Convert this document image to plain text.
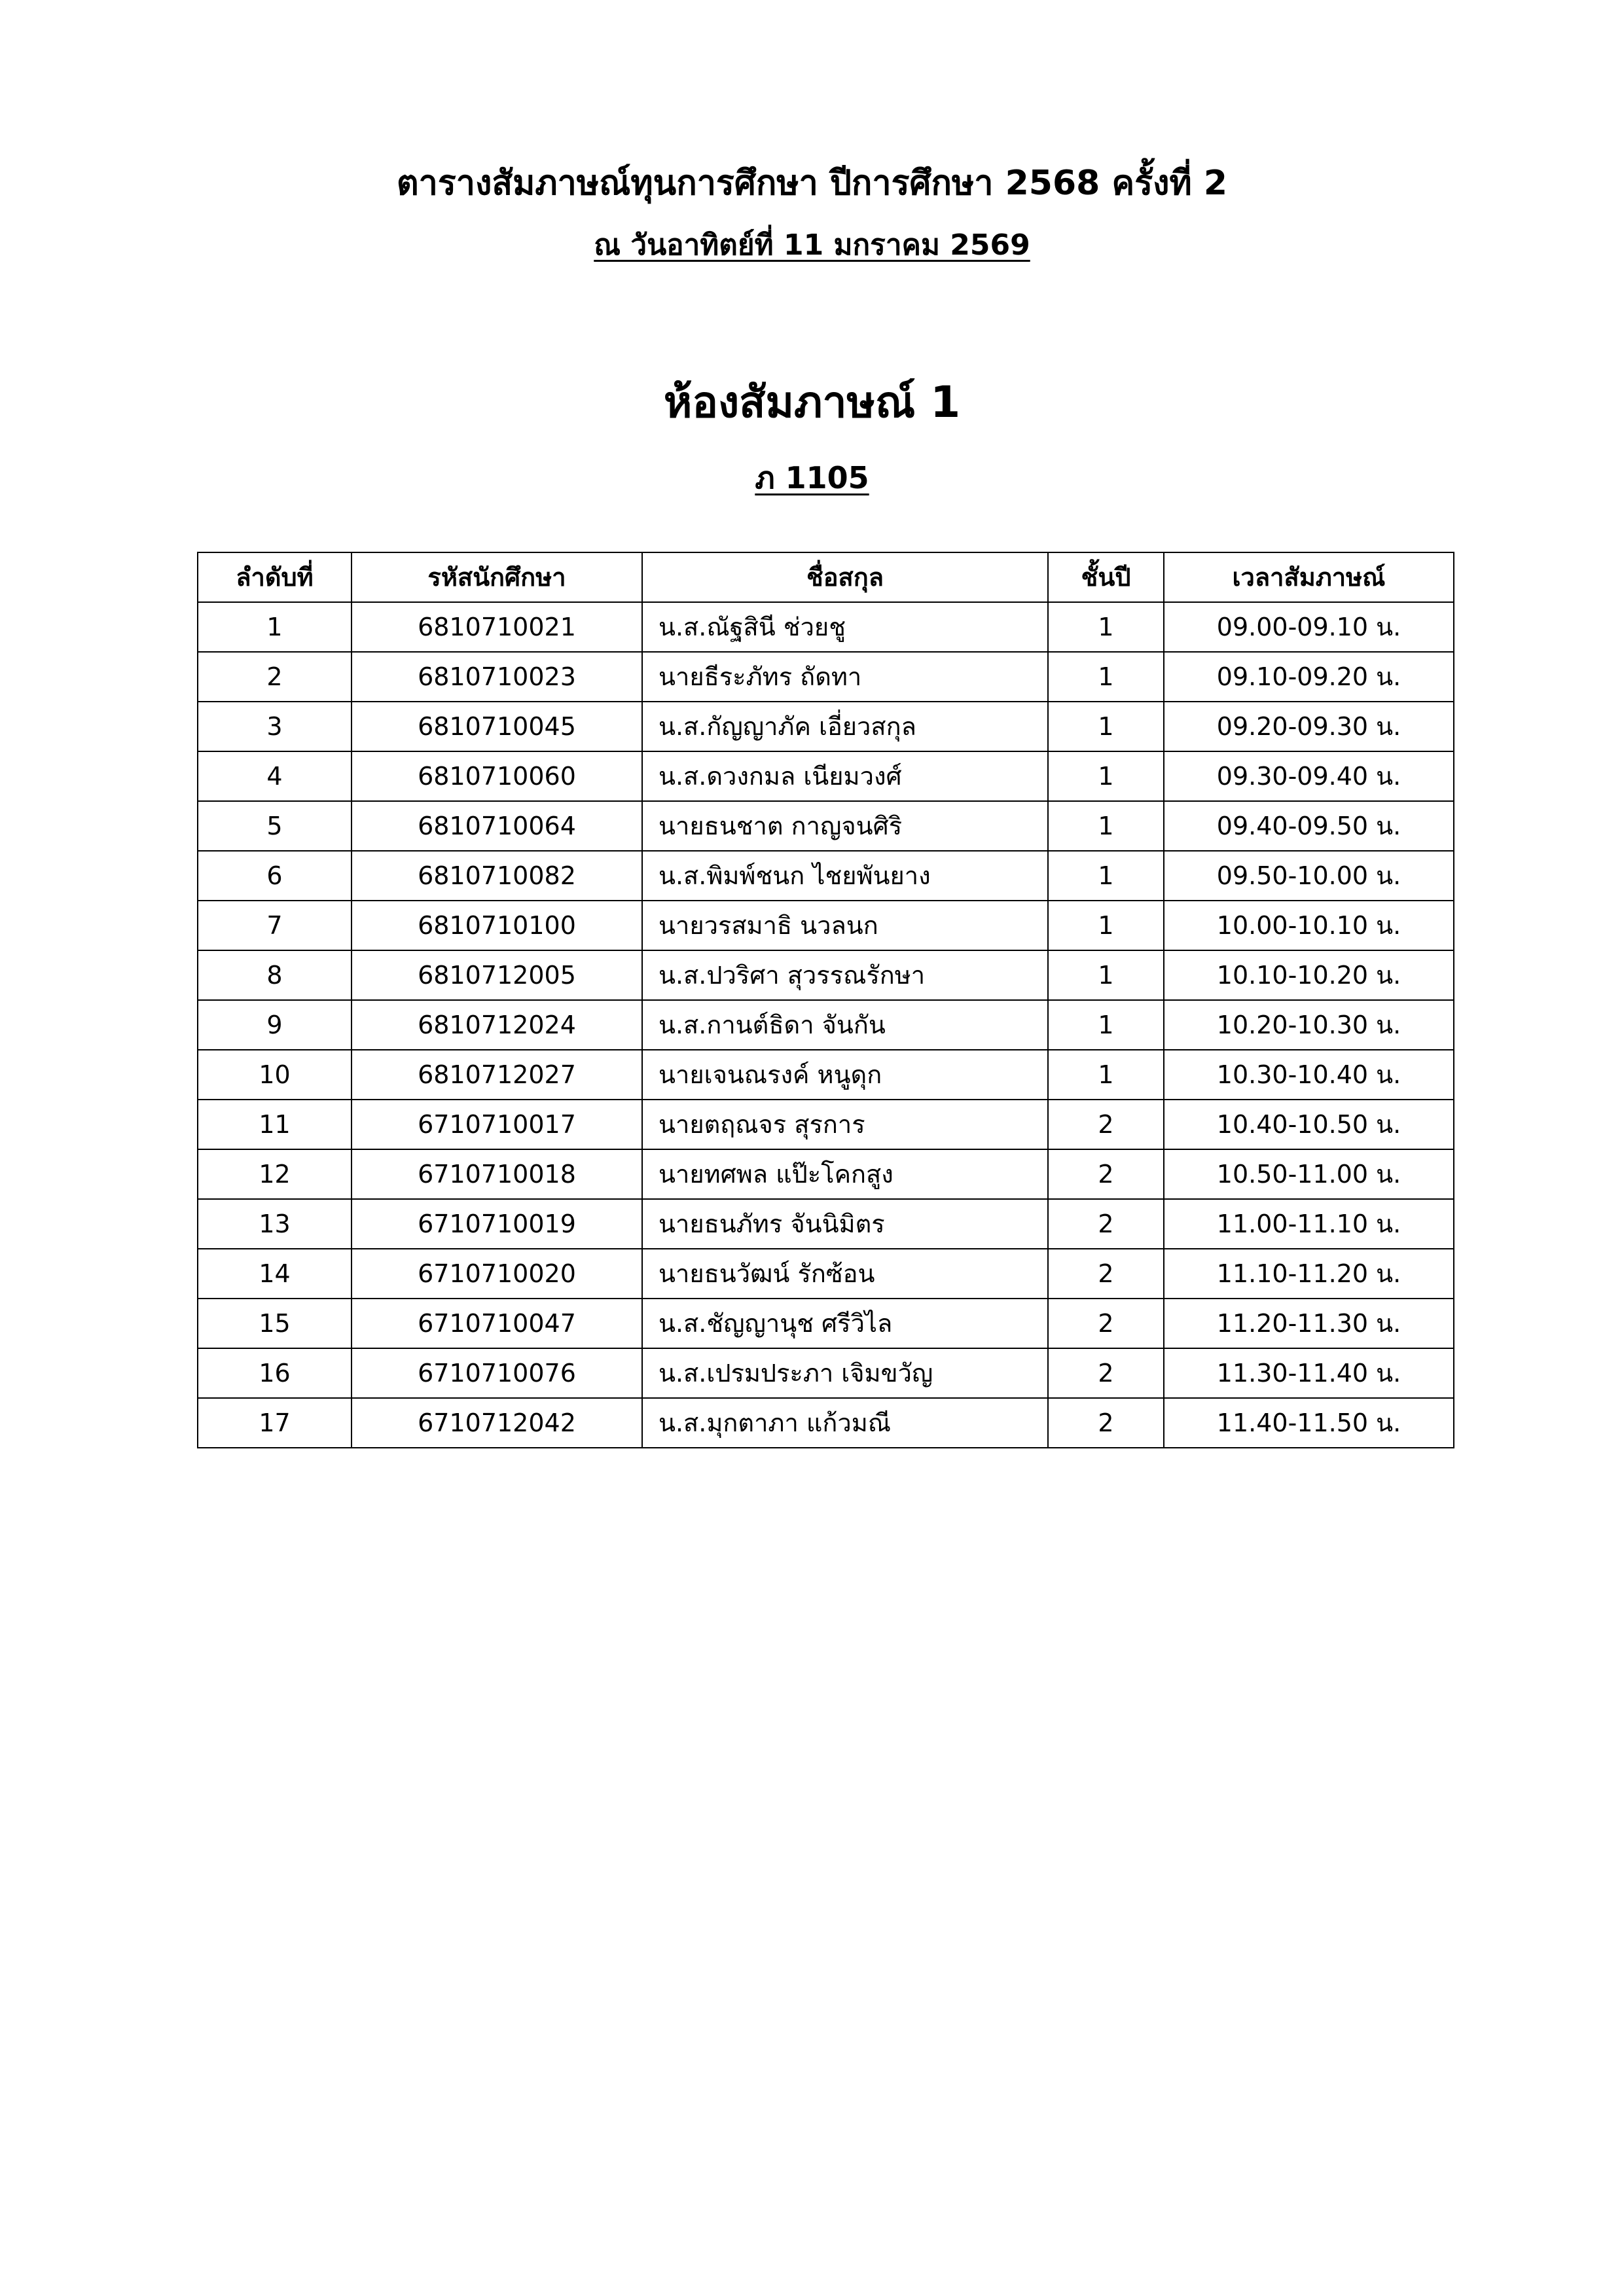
ตารางสัมภาษณ์ทุนการศึกษา ปีการศึกษา 2568 ครั้งที่ 2
ณ วันอาทิตย์ที่ 11 มกราคม 2569
ห้องสัมภาษณ์ 1
ภ 1105
ลำดับที่	รหัสนักศึกษา	ชื่อสกุล	ชั้นปี	เวลาสัมภาษณ์
1	6810710021	น.ส.ณัฐสินี ช่วยชู	1	09.00-09.10 น.
2	6810710023	นายธีระภัทร ถัดทา	1	09.10-09.20 น.
3	6810710045	น.ส.กัญญาภัค เอี่ยวสกุล	1	09.20-09.30 น.
4	6810710060	น.ส.ดวงกมล เนียมวงศ์	1	09.30-09.40 น.
5	6810710064	นายธนชาต กาญจนศิริ	1	09.40-09.50 น.
6	6810710082	น.ส.พิมพ์ชนก ไชยพันยาง	1	09.50-10.00 น.
7	6810710100	นายวรสมาธิ นวลนก	1	10.00-10.10 น.
8	6810712005	น.ส.ปวริศา สุวรรณรักษา	1	10.10-10.20 น.
9	6810712024	น.ส.กานต์ธิดา จันกัน	1	10.20-10.30 น.
10	6810712027	นายเจนณรงค์ หนูดุก	1	10.30-10.40 น.
11	6710710017	นายตฤณจร สุรการ	2	10.40-10.50 น.
12	6710710018	นายทศพล แป๊ะโคกสูง	2	10.50-11.00 น.
13	6710710019	นายธนภัทร จันนิมิตร	2	11.00-11.10 น.
14	6710710020	นายธนวัฒน์ รักซ้อน	2	11.10-11.20 น.
15	6710710047	น.ส.ชัญญานุช ศรีวิไล	2	11.20-11.30 น.
16	6710710076	น.ส.เปรมประภา เจิมขวัญ	2	11.30-11.40 น.
17	6710712042	น.ส.มุกตาภา แก้วมณี	2	11.40-11.50 น.
